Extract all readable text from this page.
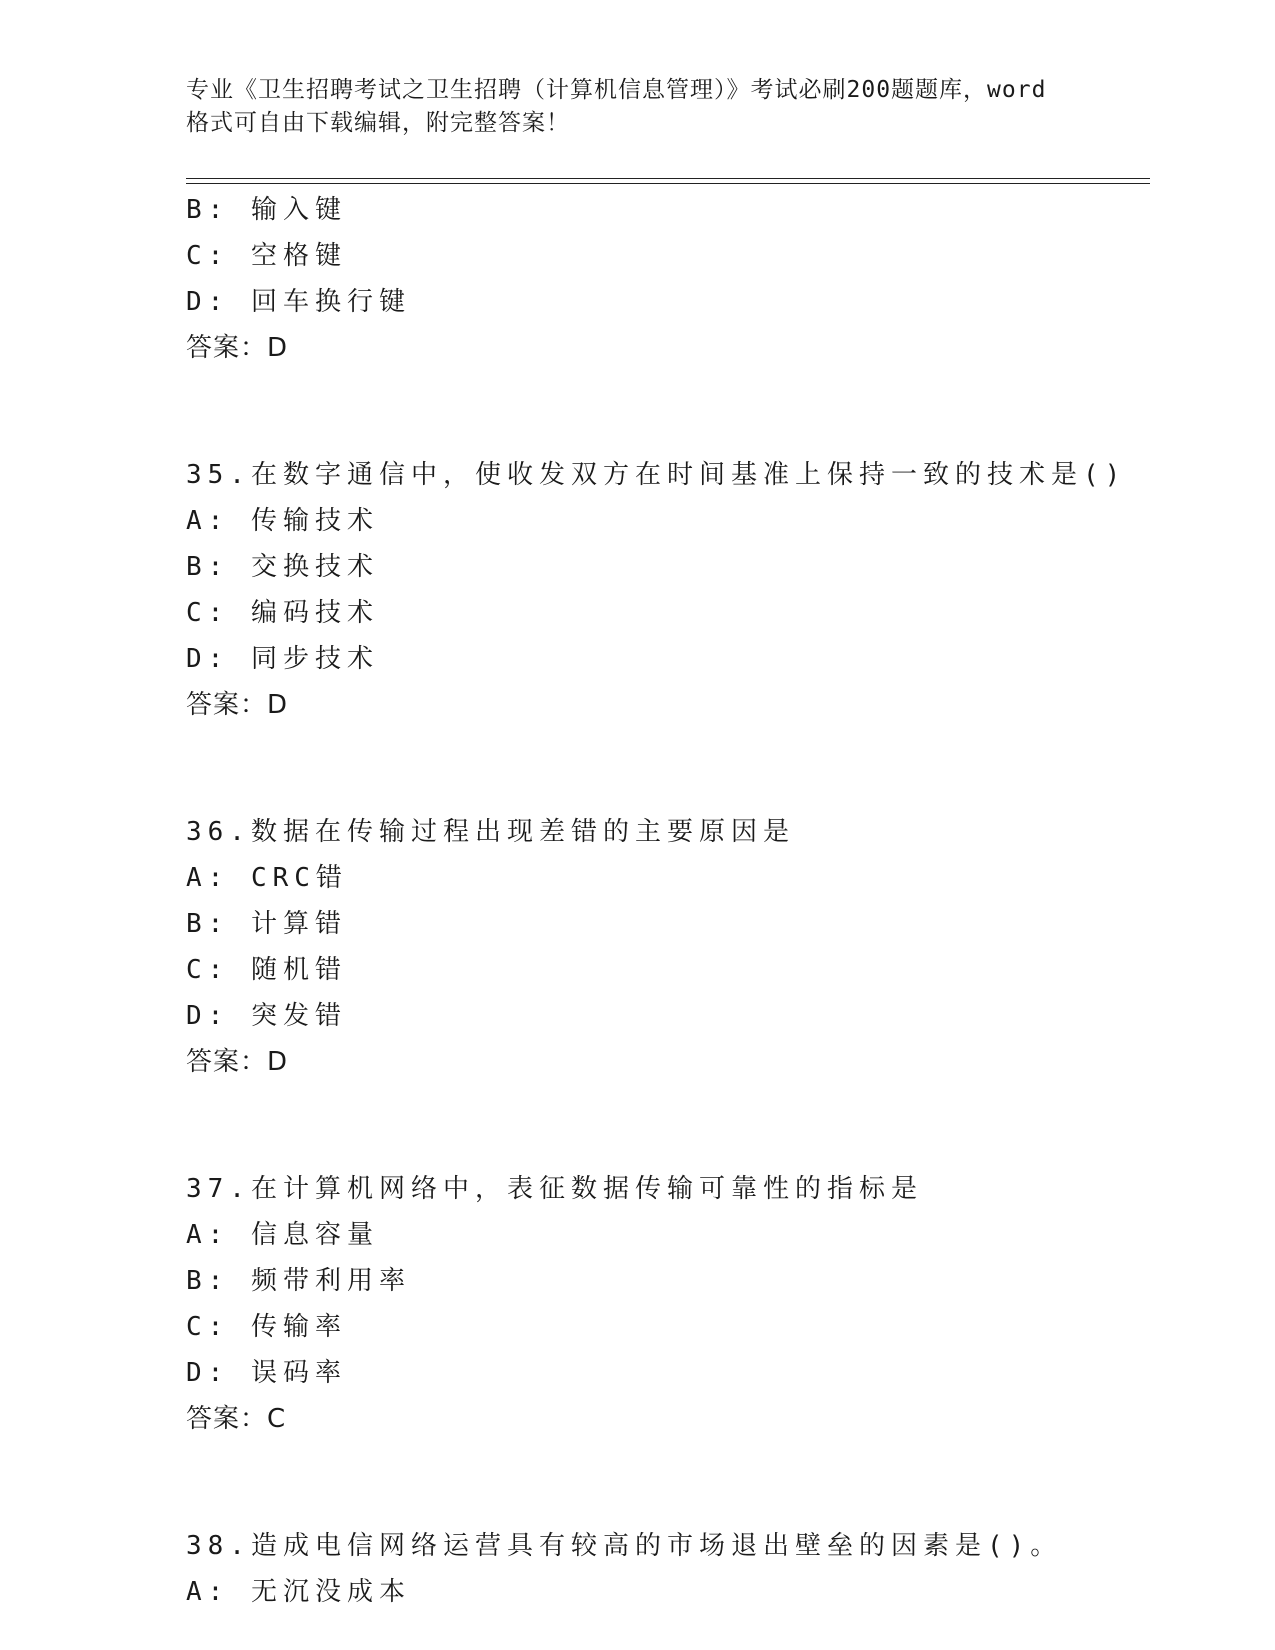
专业《卫生招聘考试之卫生招聘（计算机信息管理）》考试必刷200题题库，word
格式可自由下载编辑，附完整答案！
B: 输入键
C: 空格键
D: 回车换行键
答案：D
35.在数字通信中，使收发双方在时间基准上保持一致的技术是()
A: 传输技术
B: 交换技术
C: 编码技术
D: 同步技术
答案：D
36.数据在传输过程出现差错的主要原因是
A: CRC错
B: 计算错
C: 随机错
D: 突发错
答案：D
37.在计算机网络中，表征数据传输可靠性的指标是
A: 信息容量
B: 频带利用率
C: 传输率
D: 误码率
答案：C
38.造成电信网络运营具有较高的市场退出壁垒的因素是()。
A: 无沉没成本
